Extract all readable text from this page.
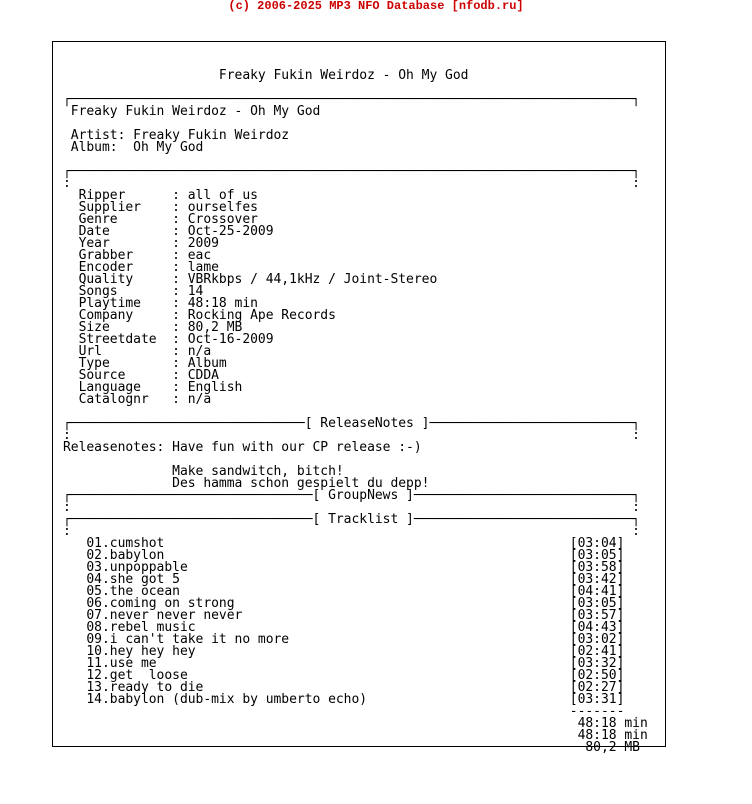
(c) 2006-2025 MP3 NFO Database [nfodb.ru]

Freaky Fukin Weirdoz - Oh My God

┌────────────────────────────────────────────────────────────────────────┐
Freaky Fukin Weirdoz - Oh My God

Artist: Freaky Fukin Weirdoz
Album:  Oh My God

┌────────────────────────────────────────────────────────────────────────┐
:                                                                        :
Ripper      : all of us
Supplier    : ourselfes
Genre       : Crossover
Date        : Oct-25-2009
Year        : 2009
Grabber     : eac
Encoder     : lame
Quality     : VBRkbps / 44,1kHz / Joint-Stereo
Songs       : 14
Playtime    : 48:18 min
Company     : Rocking Ape Records
Size        : 80,2 MB
Streetdate  : Oct-16-2009
Url         : n/a
Type        : Album
Source      : CDDA
Language    : English
Catalognr   : n/a

┌──────────────────────────────[ ReleaseNotes ]──────────────────────────┐
:                                                                        :
Releasenotes: Have fun with our CP release :-)

Make sandwitch, bitch!
Des hamma schon gespielt du depp!
┌───────────────────────────────[ GroupNews ]────────────────────────────┐
:                                                                        :
┌───────────────────────────────[ Tracklist ]────────────────────────────┐
:                                                                        :
01.cumshot                                                    [03:04]
02.babylon                                                    [03:05]
03.unpoppable                                                 [03:58]
04.she got 5                                                  [03:42]
05.the ocean                                                  [04:41]
06.coming on strong                                           [03:05]
07.never never never                                          [03:57]
08.rebel music                                                [04:43]
09.i can't take it no more                                    [03:02]
10.hey hey hey                                                [02:41]
11.use me                                                     [03:32]
12.get  loose                                                 [02:50]
13.ready to die                                               [02:27]
14.babylon (dub-mix by umberto echo)                          [03:31]
-------
48:18 min
48:18 min
80,2 MB
